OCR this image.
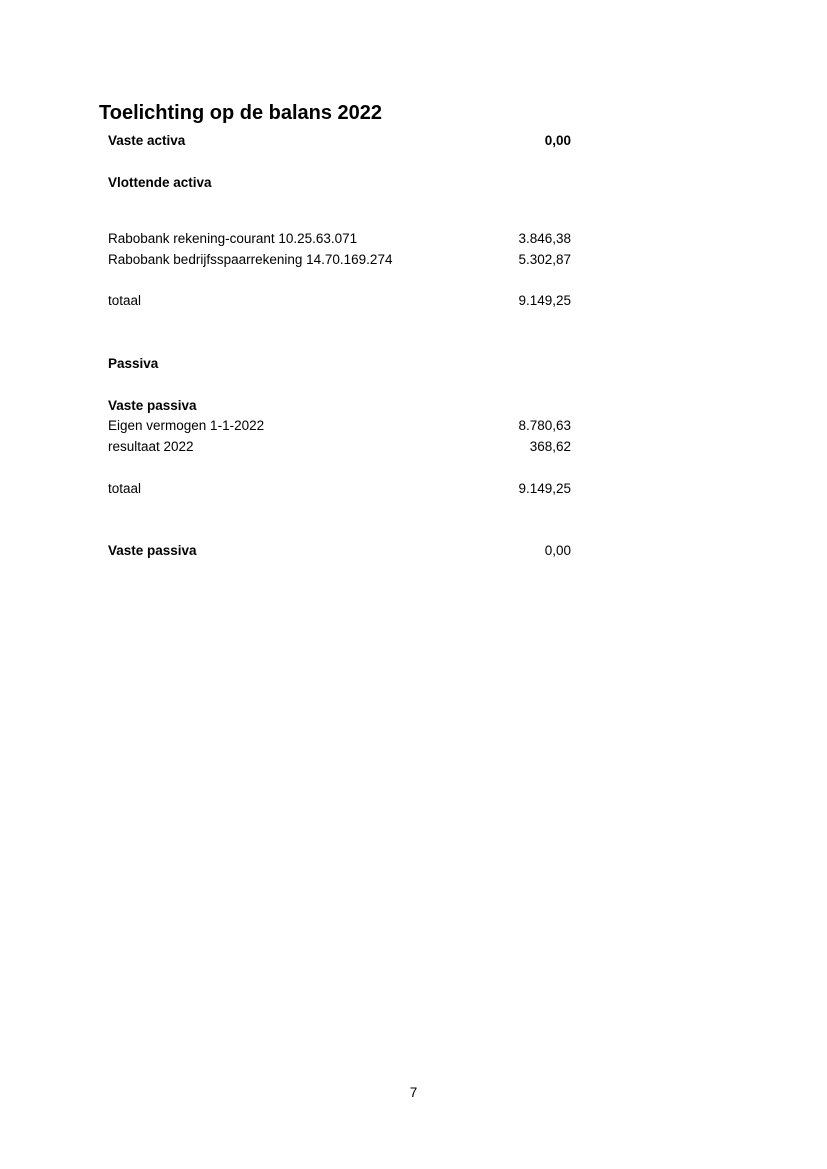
Toelichting op de balans 2022
Vaste activa	0,00
Vlottende activa
Rabobank rekening-courant 10.25.63.071	3.846,38
Rabobank bedrijfsspaarrekening 14.70.169.274	5.302,87
totaal	9.149,25
Passiva
Vaste passiva
Eigen vermogen 1-1-2022	8.780,63
resultaat 2022	368,62
totaal	9.149,25
Vaste passiva	0,00
7
